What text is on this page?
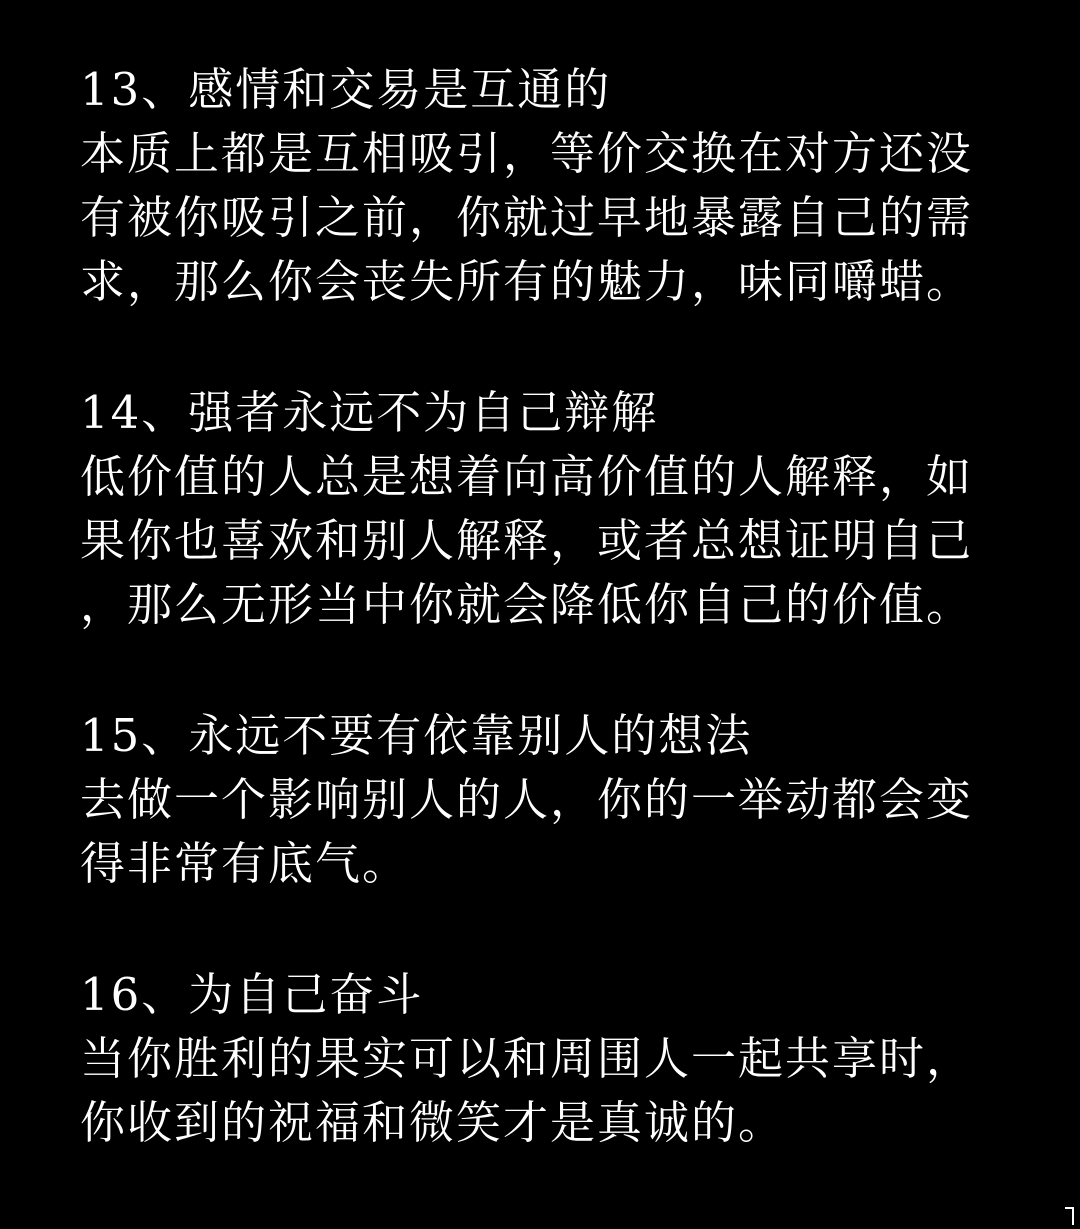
13、感情和交易是互通的
本质上都是互相吸引，等价交换在对方还没
有被你吸引之前，你就过早地暴露自己的需
求，那么你会丧失所有的魅力，味同嚼蜡。
14、强者永远不为自己辩解
低价值的人总是想着向高价值的人解释，如
果你也喜欢和别人解释，或者总想证明自己
，那么无形当中你就会降低你自己的价值。
15、永远不要有依靠别人的想法
去做一个影响别人的人，你的一举动都会变
得非常有底气。
16、为自己奋斗
当你胜利的果实可以和周围人一起共享时，
你收到的祝福和微笑才是真诚的。
